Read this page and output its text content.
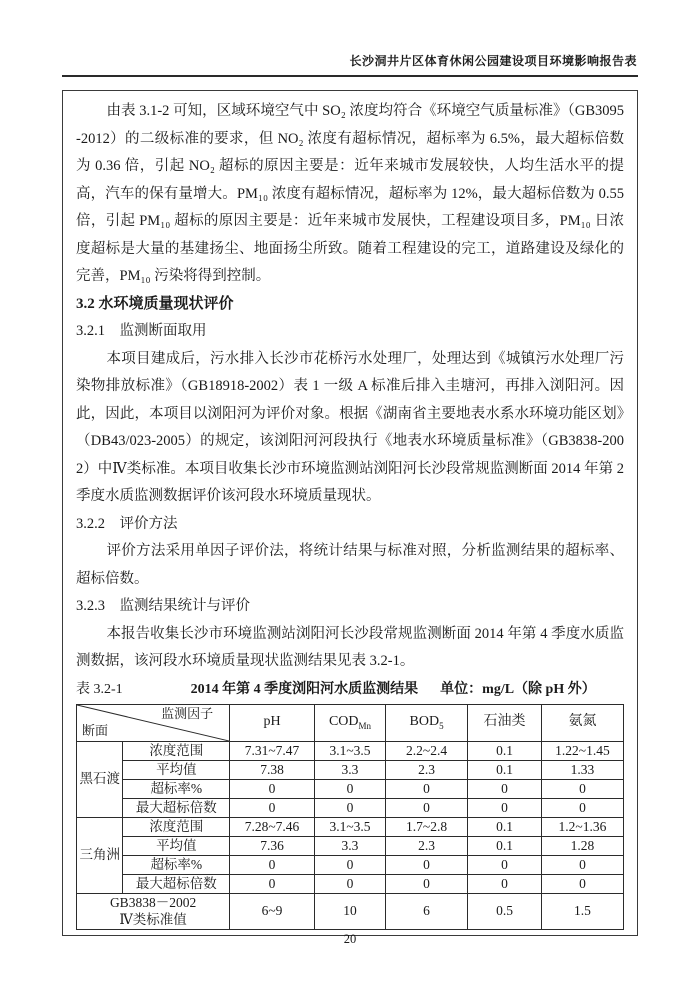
长沙洞井片区体育休闲公园建设项目环境影响报告表

由表 3.1-2 可知，区域环境空气中 SO₂ 浓度均符合《环境空气质量标准》（GB3095-2012）的二级标准的要求，但 NO₂ 浓度有超标情况，超标率为 6.5%，最大超标倍数为 0.36 倍，引起 NO₂ 超标的原因主要是：近年来城市发展较快，人均生活水平的提高，汽车的保有量增大。PM₁₀ 浓度有超标情况，超标率为 12%，最大超标倍数为 0.55 倍，引起 PM₁₀ 超标的原因主要是：近年来城市发展快，工程建设项目多，PM₁₀ 日浓度超标是大量的基建扬尘、地面扬尘所致。随着工程建设的完工，道路建设及绿化的完善，PM₁₀ 污染将得到控制。

3.2 水环境质量现状评价

3.2.1　监测断面取用

本项目建成后，污水排入长沙市花桥污水处理厂，处理达到《城镇污水处理厂污染物排放标准》（GB18918-2002）表 1 一级 A 标准后排入圭塘河，再排入浏阳河。因此，因此，本项目以浏阳河为评价对象。根据《湖南省主要地表水系水环境功能区划》（DB43/023-2005）的规定，该浏阳河河段执行《地表水环境质量标准》（GB3838-2002）中Ⅳ类标准。本项目收集长沙市环境监测站浏阳河长沙段常规监测断面 2014 年第 2 季度水质监测数据评价该河段水环境质量现状。

3.2.2　评价方法

评价方法采用单因子评价法，将统计结果与标准对照，分析监测结果的超标率、超标倍数。

3.2.3　监测结果统计与评价

本报告收集长沙市环境监测站浏阳河长沙段常规监测断面 2014 年第 4 季度水质监测数据，该河段水环境质量现状监测结果见表 3.2-1。

表 3.2-1	2014 年第 4 季度浏阳河水质监测结果 单位：mg/L（除 pH 外）
监测因子
断面		pH	$COD_{Mn}$	$BOD_5$	石油类	氨氮
黑石渡	浓度范围	7.31~7.47	3.1~3.5	2.2~2.4	0.1	1.22~1.45
	平均值	7.38	3.3	2.3	0.1	1.33
	超标率%	0	0	0	0	0
	最大超标倍数	0	0	0	0	0
三角洲	浓度范围	7.28~7.46	3.1~3.5	1.7~2.8	0.1	1.2~1.36
	平均值	7.36	3.3	2.3	0.1	1.28
	超标率%	0	0	0	0	0
	最大超标倍数	0	0	0	0	0

GB3838－2002
Ⅳ类标准值		6~9	10	6	0.5	1.5
20
